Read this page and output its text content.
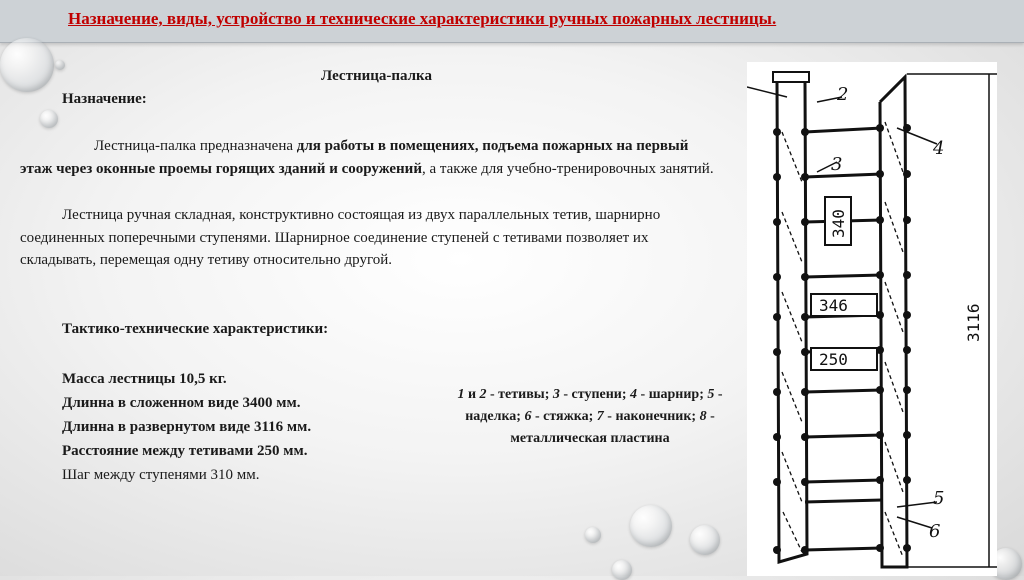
Назначение, виды, устройство и технические характеристики ручных пожарных лестницы.
Лестница-палка
Назначение:
Лестница-палка предназначена для работы в помещениях, подъема пожарных на первый этаж через оконные проемы горящих зданий и сооружений, а также для учебно-тренировочных занятий.
Лестница ручная складная, конструктивно состоящая из двух параллельных тетив, шарнирно соединенных поперечными ступенями. Шарнирное соединение ступеней с тетивами позволяет их складывать, перемещая одну тетиву относительно другой.
Тактико-технические характеристики:
Масса лестницы 10,5 кг.
Длинна в сложенном виде 3400 мм.
Длинна в развернутом виде 3116 мм.
Расстояние между тетивами 250 мм.
Шаг между ступенями 310 мм.
1 и 2 - тетивы; 3 - ступени; 4 - шарнир; 5 - наделка; 6 - стяжка; 7 - наконечник; 8 - металлическая пластина
2
4
3
5
6
340
346
250
3116
